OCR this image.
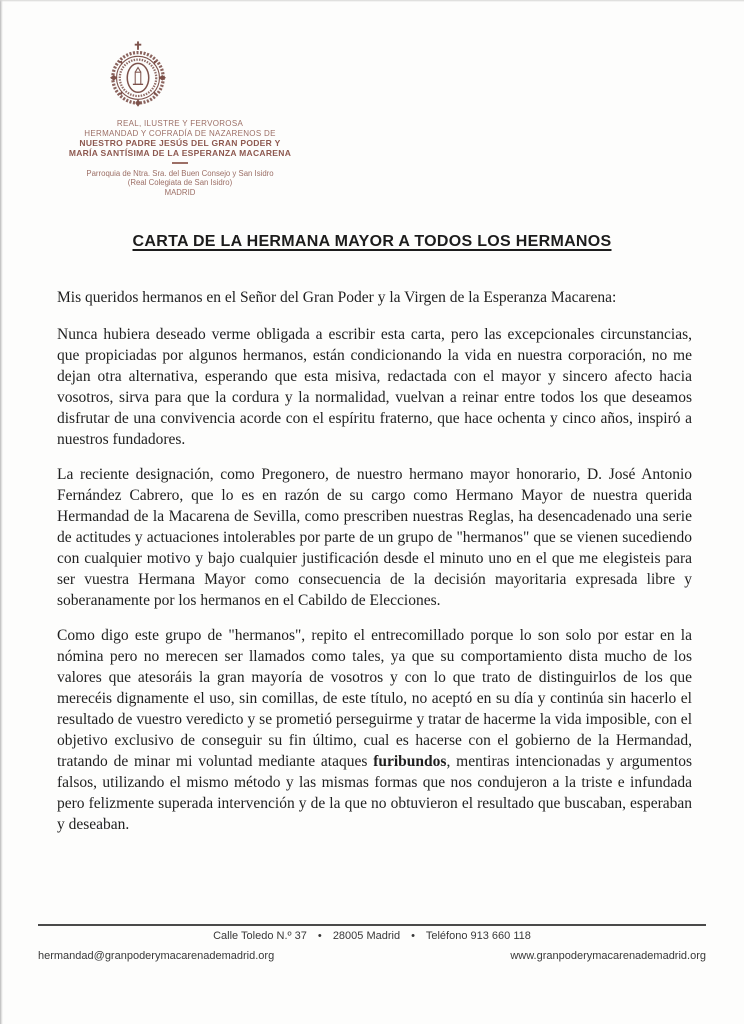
REAL, ILUSTRE Y FERVOROSA
HERMANDAD Y COFRADÍA DE NAZARENOS DE
NUESTRO PADRE JESÚS DEL GRAN PODER Y
MARÍA SANTÍSIMA DE LA ESPERANZA MACARENA
Parroquia de Ntra. Sra. del Buen Consejo y San Isidro
(Real Colegiata de San Isidro)
MADRID
CARTA DE LA HERMANA MAYOR A TODOS LOS HERMANOS

Mis queridos hermanos en el Señor del Gran Poder y la Virgen de la Esperanza Macarena:

Nunca hubiera deseado verme obligada a escribir esta carta, pero las excepcionales circunstancias, que propiciadas por algunos hermanos, están condicionando la vida en nuestra corporación, no me dejan otra alternativa, esperando que esta misiva, redactada con el mayor y sincero afecto hacia vosotros, sirva para que la cordura y la normalidad, vuelvan a reinar entre todos los que deseamos disfrutar de una convivencia acorde con el espíritu fraterno, que hace ochenta y cinco años, inspiró a nuestros fundadores.

La reciente designación, como Pregonero, de nuestro hermano mayor honorario, D. José Antonio Fernández Cabrero, que lo es en razón de su cargo como Hermano Mayor de nuestra querida Hermandad de la Macarena de Sevilla, como prescriben nuestras Reglas, ha desencadenado una serie de actitudes y actuaciones intolerables por parte de un grupo de "hermanos" que se vienen sucediendo con cualquier motivo y bajo cualquier justificación desde el minuto uno en el que me elegisteis para ser vuestra Hermana Mayor como consecuencia de la decisión mayoritaria expresada libre y soberanamente por los hermanos en el Cabildo de Elecciones.

Como digo este grupo de "hermanos", repito el entrecomillado porque lo son solo por estar en la nómina pero no merecen ser llamados como tales, ya que su comportamiento dista mucho de los valores que atesoráis la gran mayoría de vosotros y con lo que trato de distinguirlos de los que merecéis dignamente el uso, sin comillas, de este título, no aceptó en su día y continúa sin hacerlo el resultado de vuestro veredicto y se prometió perseguirme y tratar de hacerme la vida imposible, con el objetivo exclusivo de conseguir su fin último, cual es hacerse con el gobierno de la Hermandad, tratando de minar mi voluntad mediante ataques furibundos, mentiras intencionadas y argumentos falsos, utilizando el mismo método y las mismas formas que nos condujeron a la triste e infundada pero felizmente superada intervención y de la que no obtuvieron el resultado que buscaban, esperaban y deseaban.

Calle Toledo N.º 37 • 28005 Madrid • Teléfono 913 660 118
hermandad@granpoderymacarenademadrid.org	www.granpoderymacarenademadrid.org
